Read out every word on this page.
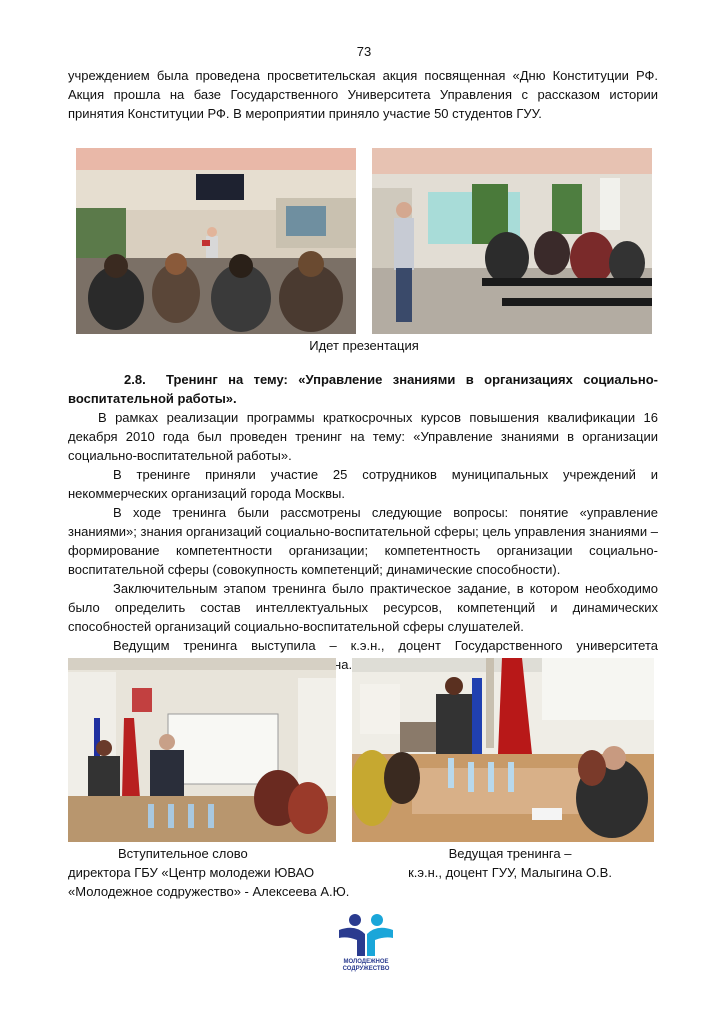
73

учреждением была проведена просветительская акция посвященная «Дню Конституции РФ. Акция прошла на базе Государственного Университета Управления с рассказом истории принятия Конституции РФ. В мероприятии приняло участие 50 студентов ГУУ.

Идет презентация

2.8. Тренинг на тему: «Управление знаниями в организациях социально-воспитательной работы».

В рамках реализации программы краткосрочных курсов повышения квалификации 16 декабря 2010 года был проведен тренинг на тему: «Управление знаниями в организации социально-воспитательной работы».

В тренинге приняли участие 25 сотрудников муниципальных учреждений и некоммерческих организаций города Москвы.

В ходе тренинга были рассмотрены следующие вопросы: понятие «управление знаниями»; знания организаций социально-воспитательной сферы; цель управления знаниями – формирование компетентности организации; компетентность организации социально-воспитательной сферы (совокупность компетенций; динамические способности).

Заключительным этапом тренинга было практическое задание, в котором необходимо было определить состав интеллектуальных ресурсов, компетенций и динамических способностей организаций социально-воспитательной сферы слушателей.

Ведущим тренинга выступила – к.э.н., доцент Государственного университета

Вступительное слово
директора ГБУ «Центр молодежи ЮВАО
«Молодежное содружество» - Алексеева А.Ю.
Ведущая тренинга –
к.э.н., доцент ГУУ, Малыгина О.В.
МОЛОДЕЖНОЕ
СОДРУЖЕСТВО
